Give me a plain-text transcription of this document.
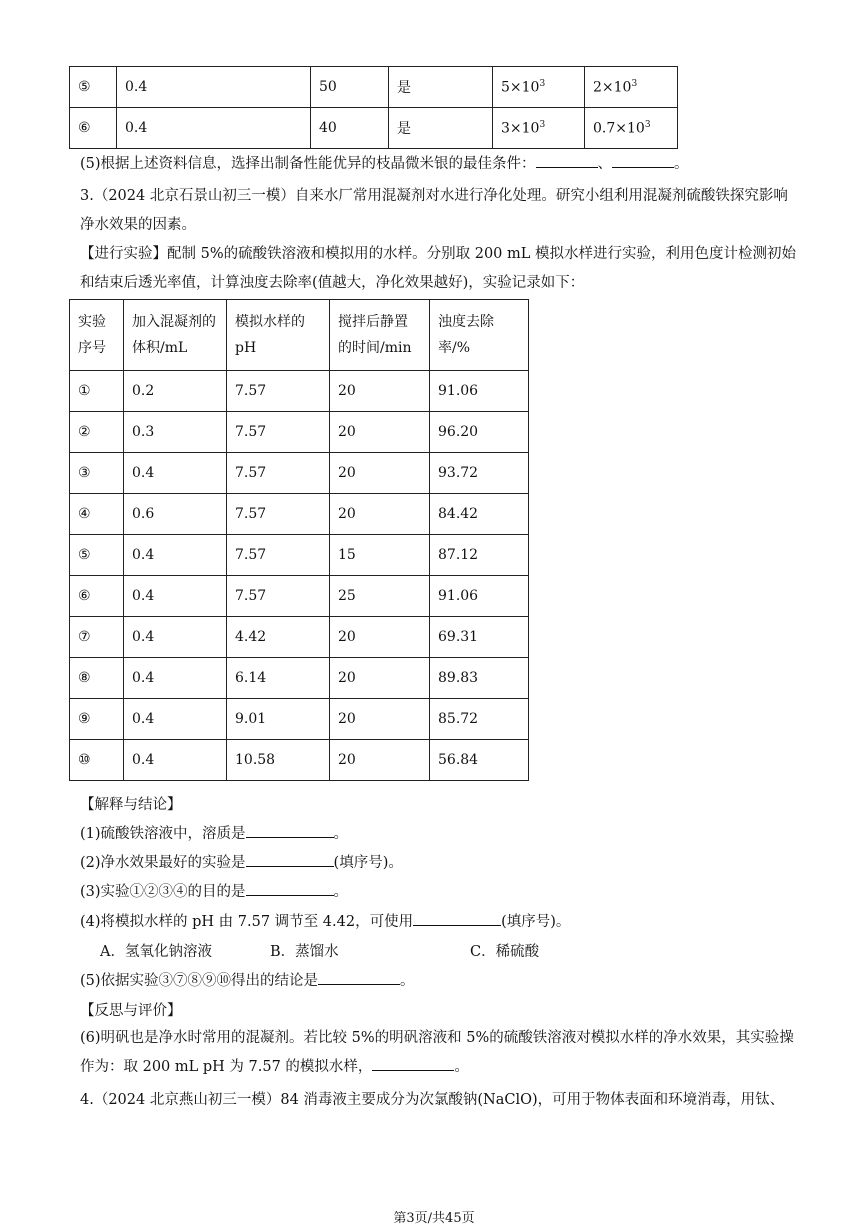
⑤	0.4	50	是	$5\times 10^3$	$2\times 10^3$
⑥	0.4	40	是	$3\times 10^3$	$0.7\times 10^3$
(5)根据上述资料信息，选择出制备性能优异的枝晶微米银的最佳条件：	、	。
3.（2024 北京石景山初三一模）自来水厂常用混凝剂对水进行净化处理。研究小组利用混凝剂硫酸铁探究影响净水效果的因素。
【进行实验】配制 5%的硫酸铁溶液和模拟用的水样。分别取 200 mL 模拟水样进行实验，利用色度计检测初始和结束后透光率值，计算浊度去除率(值越大，净化效果越好)，实验记录如下：
实验序号	加入混凝剂的体积/mL	模拟水样的pH	搅拌后静置的时间/min	浊度去除率/%

①	0.2	7.57	20	91.06
②	0.3	7.57	20	96.20
③	0.4	7.57	20	93.72
④	0.6	7.57	20	84.42
⑤	0.4	7.57	15	87.12
⑥	0.4	7.57	25	91.06
⑦	0.4	4.42	20	69.31
⑧	0.4	6.14	20	89.83
⑨	0.4	9.01	20	85.72
⑩	0.4	10.58	20	56.84
【解释与结论】
(1)硫酸铁溶液中，溶质是	。
(2)净水效果最好的实验是	(填序号)。
(3)实验①②③④的目的是	。
(4)将模拟水样的 pH 由 7.57 调节至 4.42，可使用	(填序号)。
A．氢氧化钠溶液	B．蒸馏水	C．稀硫酸
(5)依据实验③⑦⑧⑨⑩得出的结论是	。
【反思与评价】
(6)明矾也是净水时常用的混凝剂。若比较 5%的明矾溶液和 5%的硫酸铁溶液对模拟水样的净水效果，其实验操作为：取 200 mL pH 为 7.57 的模拟水样，	。
4.（2024 北京燕山初三一模）84 消毒液主要成分为次氯酸钠(NaClO)，可用于物体表面和环境消毒，用钛、
第3页/共45页
